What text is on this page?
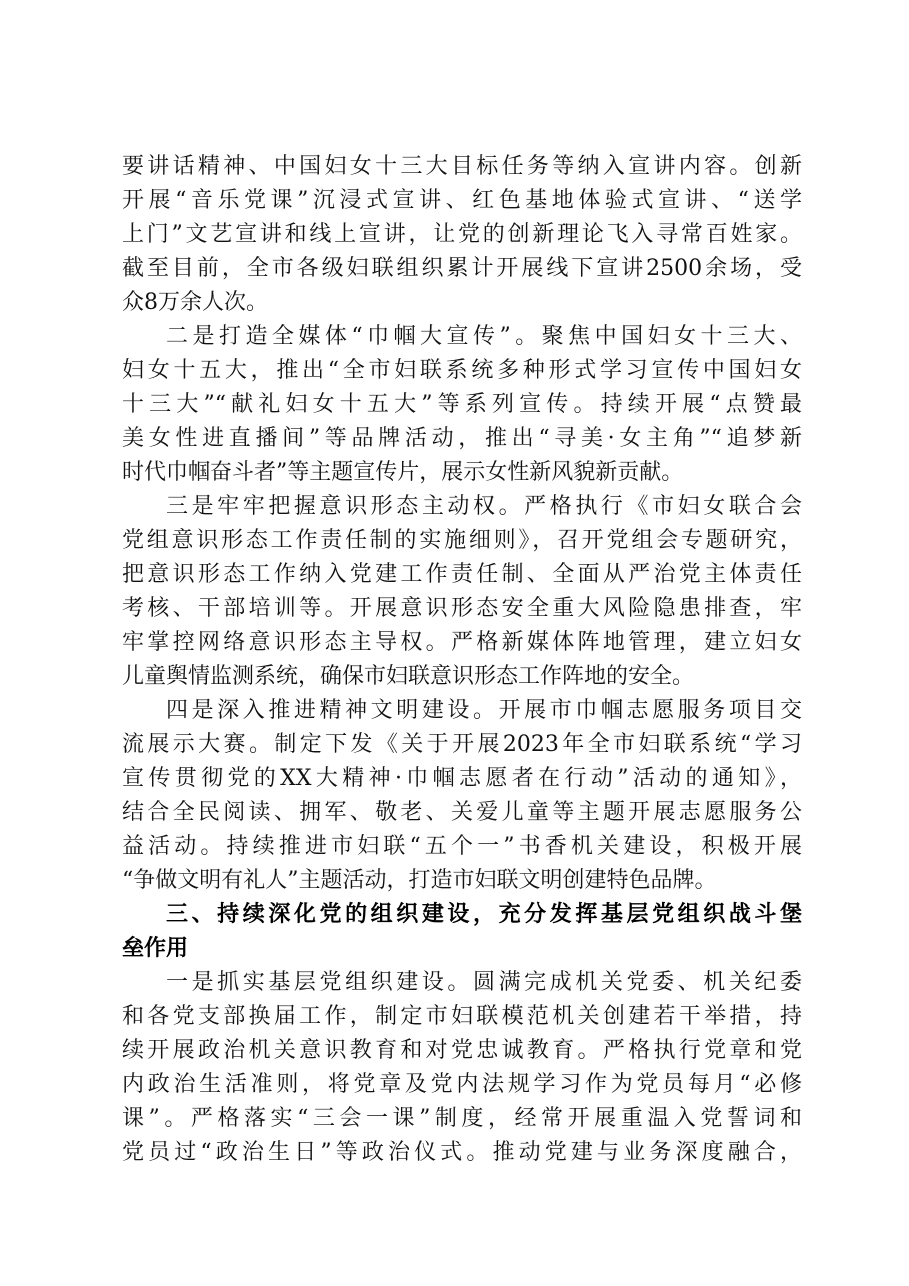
要讲话精神、中国妇女十三大目标任务等纳入宣讲内容。创新
开展“音乐党课”沉浸式宣讲、红色基地体验式宣讲、“送学
上门”文艺宣讲和线上宣讲，让党的创新理论飞入寻常百姓家。
截至目前，全市各级妇联组织累计开展线下宣讲2500余场，受
众8万余人次。
二是打造全媒体“巾帼大宣传”。聚焦中国妇女十三大、
妇女十五大，推出“全市妇联系统多种形式学习宣传中国妇女
十三大”“献礼妇女十五大”等系列宣传。持续开展“点赞最
美女性进直播间”等品牌活动，推出“寻美·女主角”“追梦新
时代巾帼奋斗者”等主题宣传片，展示女性新风貌新贡献。
三是牢牢把握意识形态主动权。严格执行《市妇女联合会
党组意识形态工作责任制的实施细则》，召开党组会专题研究，
把意识形态工作纳入党建工作责任制、全面从严治党主体责任
考核、干部培训等。开展意识形态安全重大风险隐患排查，牢
牢掌控网络意识形态主导权。严格新媒体阵地管理，建立妇女
儿童舆情监测系统，确保市妇联意识形态工作阵地的安全。
四是深入推进精神文明建设。开展市巾帼志愿服务项目交
流展示大赛。制定下发《关于开展2023年全市妇联系统“学习
宣传贯彻党的XX大精神·巾帼志愿者在行动”活动的通知》，
结合全民阅读、拥军、敬老、关爱儿童等主题开展志愿服务公
益活动。持续推进市妇联“五个一”书香机关建设，积极开展
“争做文明有礼人”主题活动，打造市妇联文明创建特色品牌。
三、持续深化党的组织建设，充分发挥基层党组织战斗堡
垒作用
一是抓实基层党组织建设。圆满完成机关党委、机关纪委
和各党支部换届工作，制定市妇联模范机关创建若干举措，持
续开展政治机关意识教育和对党忠诚教育。严格执行党章和党
内政治生活准则，将党章及党内法规学习作为党员每月“必修
课”。严格落实“三会一课”制度，经常开展重温入党誓词和
党员过“政治生日”等政治仪式。推动党建与业务深度融合，
